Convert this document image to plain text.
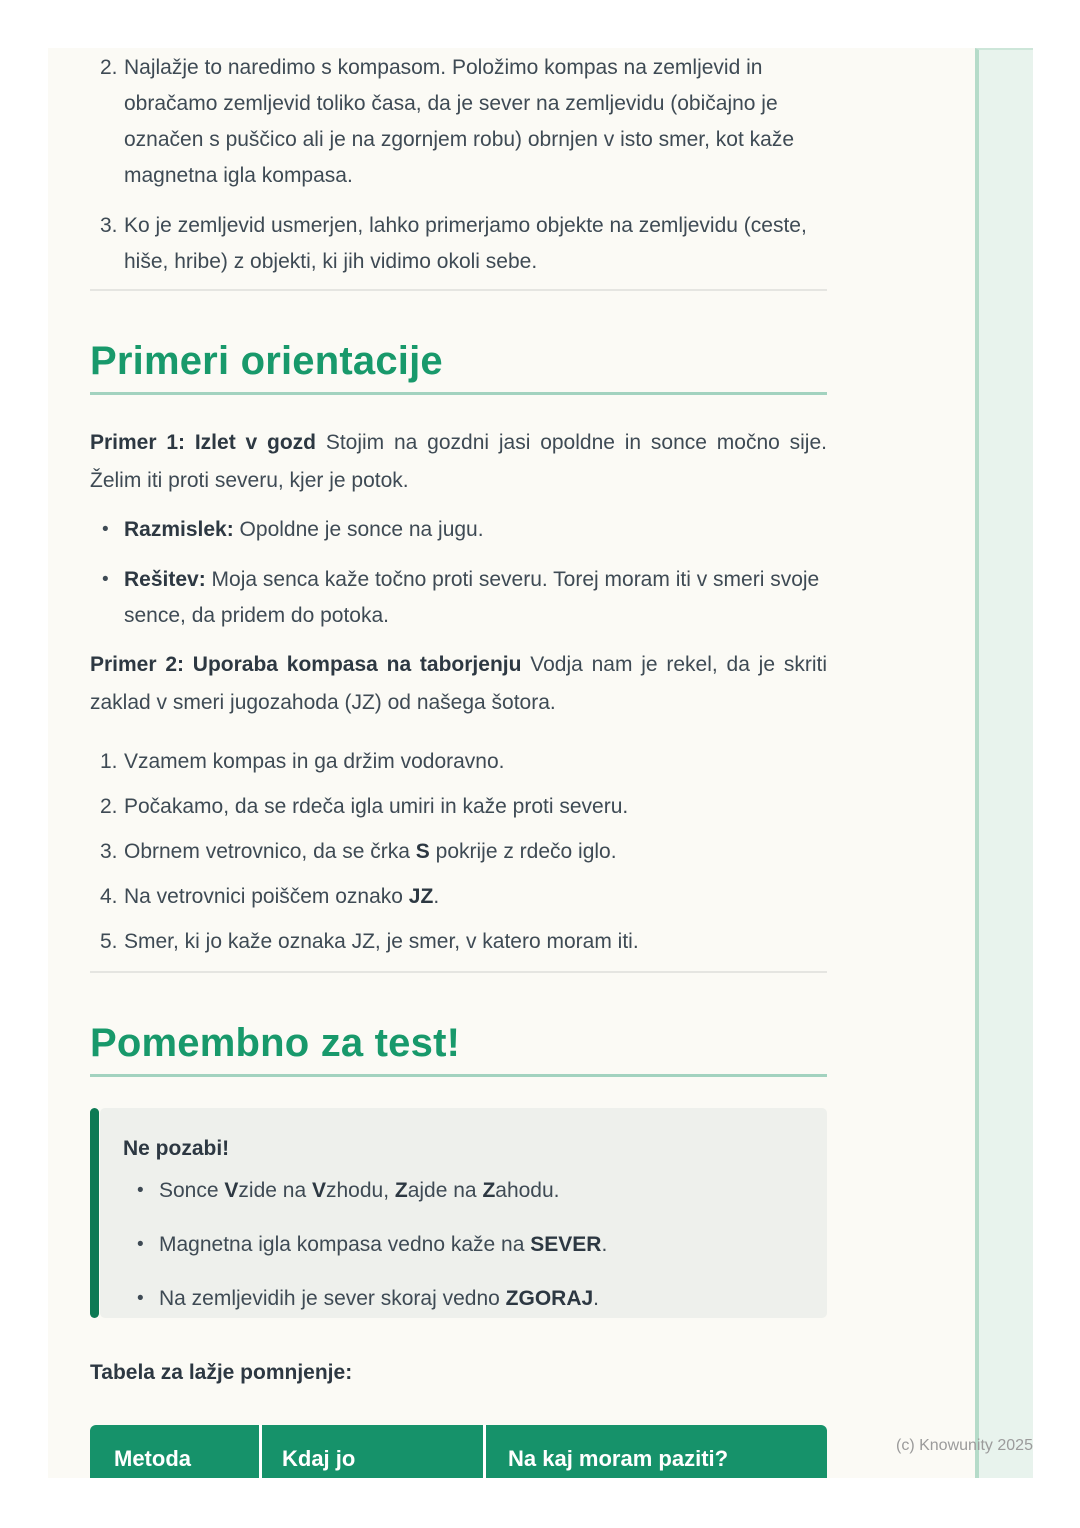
2. Najlažje to naredimo s kompasom. Položimo kompas na zemljevid in obračamo zemljevid toliko časa, da je sever na zemljevidu (običajno je označen s puščico ali je na zgornjem robu) obrnjen v isto smer, kot kaže magnetna igla kompasa.
3. Ko je zemljevid usmerjen, lahko primerjamo objekte na zemljevidu (ceste, hiše, hribe) z objekti, ki jih vidimo okoli sebe.
Primeri orientacije
Primer 1: Izlet v gozd Stojim na gozdni jasi opoldne in sonce močno sije. Želim iti proti severu, kjer je potok.
• Razmislek: Opoldne je sonce na jugu.
• Rešitev: Moja senca kaže točno proti severu. Torej moram iti v smeri svoje sence, da pridem do potoka.
Primer 2: Uporaba kompasa na taborjenju Vodja nam je rekel, da je skriti zaklad v smeri jugozahoda (JZ) od našega šotora.
1. Vzamem kompas in ga držim vodoravno.
2. Počakamo, da se rdeča igla umiri in kaže proti severu.
3. Obrnem vetrovnico, da se črka S pokrije z rdečo iglo.
4. Na vetrovnici poiščem oznako JZ.
5. Smer, ki jo kaže oznaka JZ, je smer, v katero moram iti.
Pomembno za test!
Ne pozabi!
• Sonce Vzide na Vzhodu, Zajde na Zahodu.
• Magnetna igla kompasa vedno kaže na SEVER.
• Na zemljevidih je sever skoraj vedno ZGORAJ.
Tabela za lažje pomnjenje:
Metoda	Kdaj jo	Na kaj moram paziti?
(c) Knowunity 2025
